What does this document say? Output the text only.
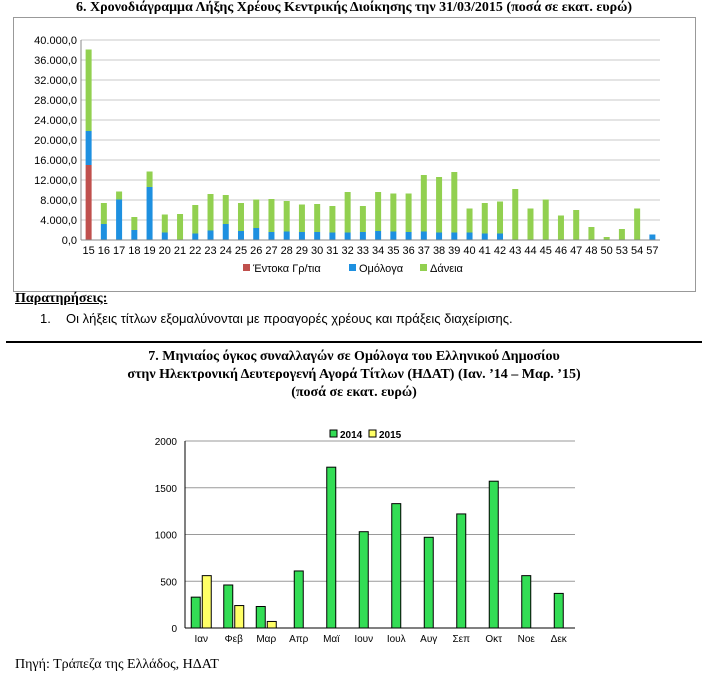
6. Χρονοδιάγραμμα Λήξης Χρέους Κεντρικής Διοίκησης την 31/03/2015 (ποσά σε εκατ. ευρώ)
0,0
4.000,0
8.000,0
12.000,0
16.000,0
20.000,0
24.000,0
28.000,0
32.000,0
36.000,0
40.000,0
15 16 17 18 19 20 21 22 23 24 25 26 27 28 29 30 31 32 33 34 35 36 37 38 39 40 41 42 43 44 45 46 47 48 50 53 54 57
Έντοκα Γρ/τια	Ομόλογα Δάνεια
Παρατηρήσεις:
1. Οι λήξεις τίτλων εξομαλύνονται με προαγορές χρέους και πράξεις διαχείρισης.
7. Μηνιαίος όγκος συναλλαγών σε Ομόλογα του Ελληνικού Δημοσίου
στην Ηλεκτρονική Δευτερογενή Αγορά Τίτλων (ΗΔΑΤ) (Ιαν. ’14 – Μαρ. ’15)
(ποσά σε εκατ. ευρώ)
0
500
1000
1500
2000
Ιαν Φεβ Μαρ Απρ Μαϊ Ιουν Ιουλ Αυγ Σεπ Οκτ Νοε Δεκ
2014 2015
Πηγή: Τράπεζα της Ελλάδος, ΗΔΑΤ
